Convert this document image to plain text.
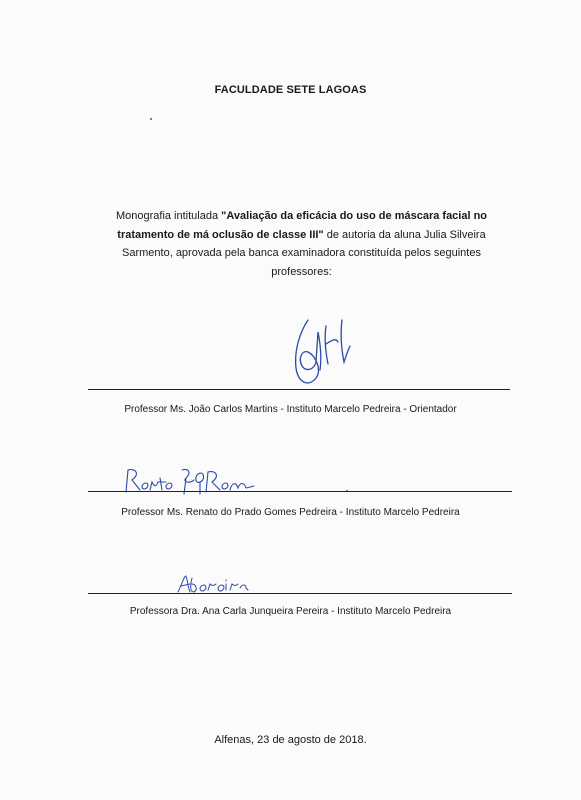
FACULDADE SETE LAGOAS
Monografia intitulada "Avaliação da eficácia do uso de máscara facial no tratamento de má oclusão de classe III" de autoria da aluna Julia Silveira Sarmento, aprovada pela banca examinadora constituída pelos seguintes professores:
Professor Ms. João Carlos Martins - Instituto Marcelo Pedreira - Orientador
Professor Ms. Renato do Prado Gomes Pedreira - Instituto Marcelo Pedreira
Professora Dra. Ana Carla Junqueira Pereira - Instituto Marcelo Pedreira
Alfenas, 23 de agosto de 2018.
